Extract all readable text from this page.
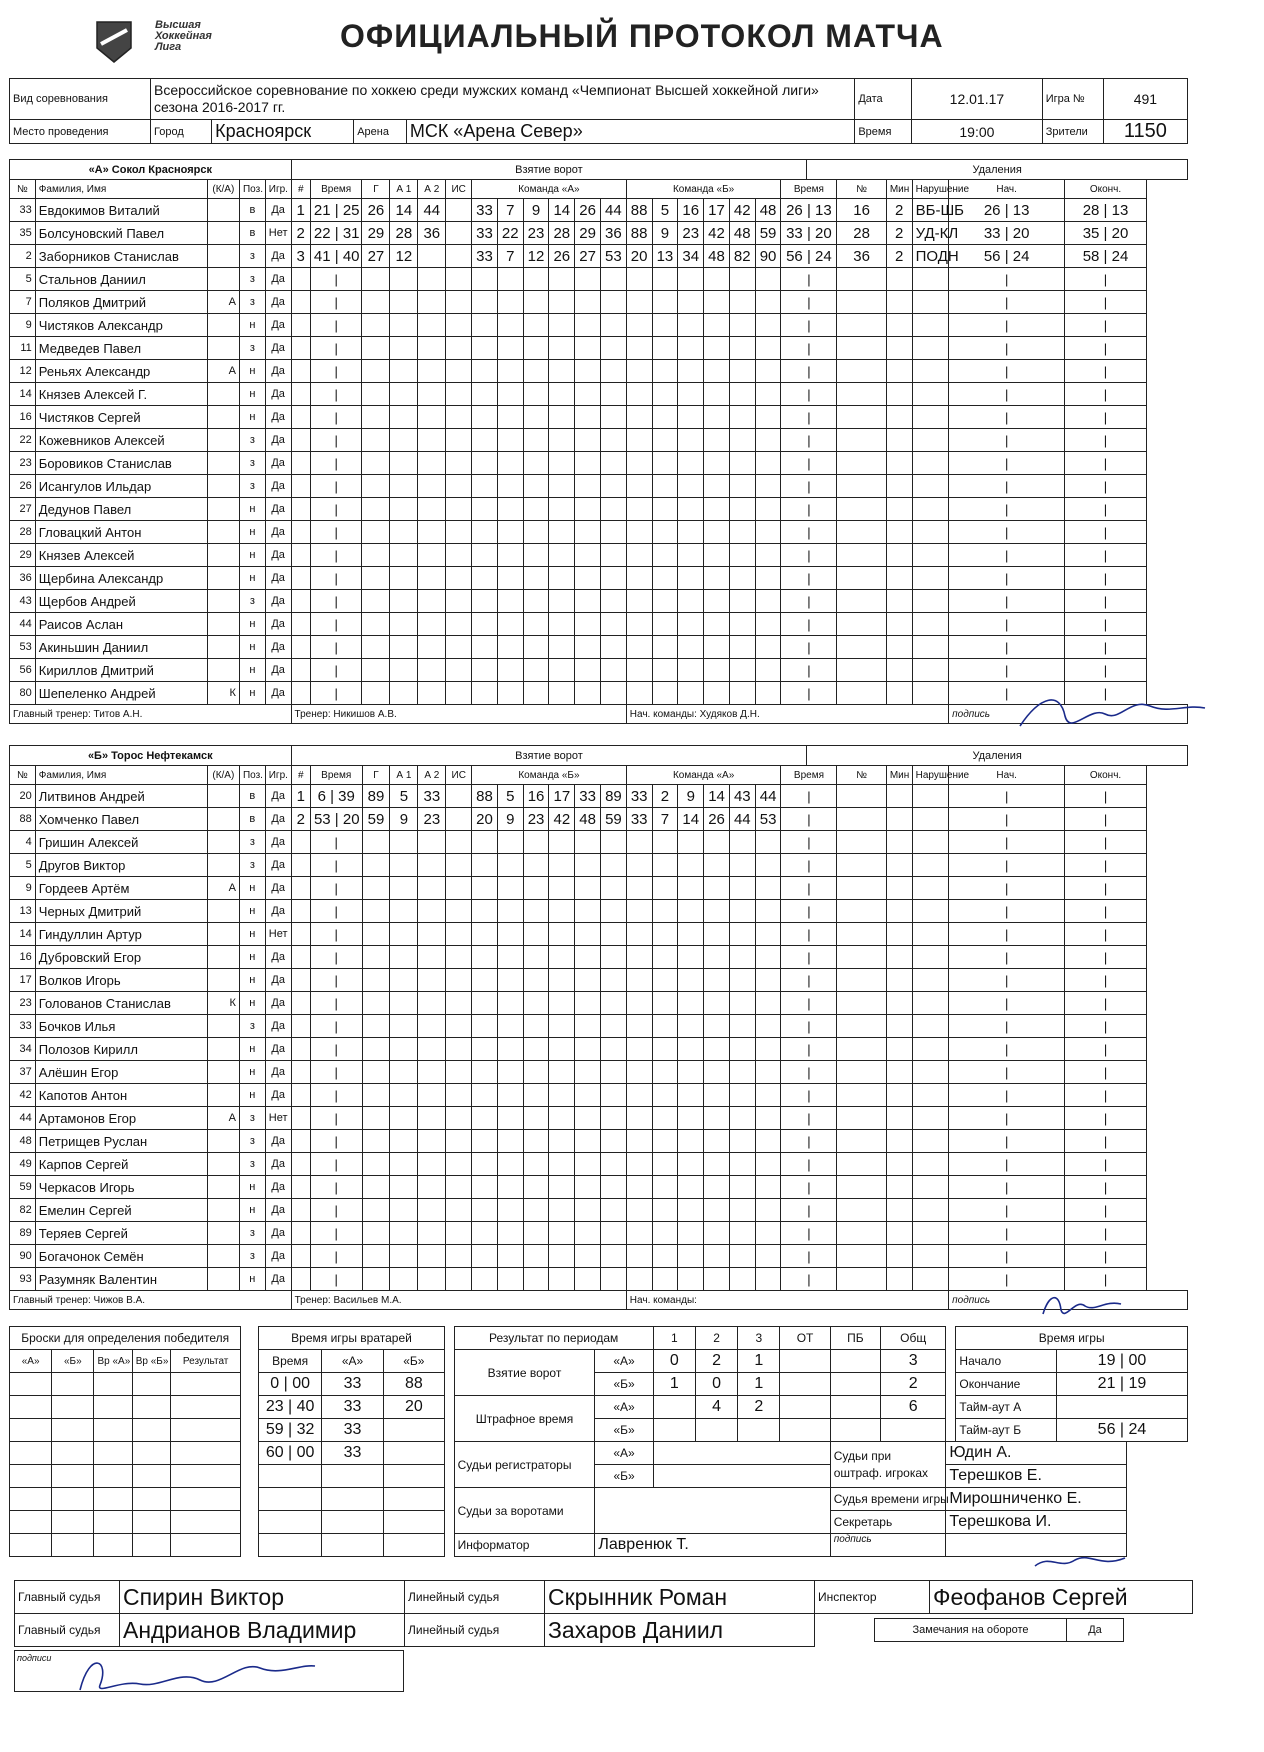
Высшая
Хоккейная
Лига	ОФИЦИАЛЬНЫЙ ПРОТОКОЛ МАТЧА
Вид соревнования	Всероссийское соревнование по хоккею среди мужских команд «Чемпионат Высшей хоккейной лиги» сезона 2016-2017 гг.				Дата	12.01.17	Игра №	491
Место проведения	Город	Красноярск	Арена	МСК «Арена Север»	Время	19:00	Зрители	1150
«А» Сокол Красноярск					Взятие ворот																			Удаления					
№	Фамилия, Имя	(К/А)	Поз.	Игр.	#	Время	Г	А 1	А 2	ИС	Команда «А»						Команда «Б»						Время		№	Мин	Нарушение	Нач.	Оконч.
33	Евдокимов Виталий		в	Да	1	21 | 25	26	14	44		33	7	9	14	26	44	88	5	16	17	42	48	26 | 13		16	2	ВБ-ШБ	26 | 13	28 | 13
35	Болсуновский Павел		в	Нет	2	22 | 31	29	28	36		33	22	23	28	29	36	88	9	23	42	48	59	33 | 20		28	2	УД-КЛ	33 | 20	35 | 20
2	Заборников Станислав		з	Да	3	41 | 40	27	12			33	7	12	26	27	53	20	13	34	48	82	90	56 | 24		36	2	ПОДН	56 | 24	58 | 24
5	Стальнов Даниил		з	Да		|																	|					|	|
7	Поляков Дмитрий	А	з	Да		|																	|					|	|
9	Чистяков Александр		н	Да		|																	|					|	|
11	Медведев Павел		з	Да		|																	|					|	|
12	Реньях Александр	А	н	Да		|																	|					|	|
14	Князев Алексей Г.		н	Да		|																	|					|	|
16	Чистяков Сергей		н	Да		|																	|					|	|
22	Кожевников Алексей		з	Да		|																	|					|	|
23	Боровиков Станислав		з	Да		|																	|					|	|
26	Исангулов Ильдар		з	Да		|																	|					|	|
27	Дедунов Павел		н	Да		|																	|					|	|
28	Гловацкий Антон		н	Да		|																	|					|	|
29	Князев Алексей		н	Да		|																	|					|	|
36	Щербина Александр		н	Да		|																	|					|	|
43	Щербов Андрей		з	Да		|																	|					|	|
44	Раисов Аслан		н	Да		|																	|					|	|
53	Акиньшин Даниил		н	Да		|																	|					|	|
56	Кириллов Дмитрий		н	Да		|																	|					|	|
80	Шепеленко Андрей	К	н	Да		|																	|					|	|
Главный тренер: Титов А.Н.					Тренер: Никишов А.В.												Нач. команды: Худяков Д.Н.											подпись	
«Б» Торос Нефтекамск					Взятие ворот																			Удаления					
№	Фамилия, Имя	(К/А)	Поз.	Игр.	#	Время	Г	А 1	А 2	ИС	Команда «Б»						Команда «А»						Время		№	Мин	Нарушение	Нач.	Оконч.
20	Литвинов Андрей		в	Да	1	6 | 39	89	5	33		88	5	16	17	33	89	33	2	9	14	43	44	|					|	|
88	Хомченко Павел		в	Да	2	53 | 20	59	9	23		20	9	23	42	48	59	33	7	14	26	44	53	|					|	|
4	Гришин Алексей		з	Да		|																	|					|	|
5	Другов Виктор		з	Да		|																	|					|	|
9	Гордеев Артём	А	н	Да		|																	|					|	|
13	Черных Дмитрий		н	Да		|																	|					|	|
14	Гиндуллин Артур		н	Нет		|																	|					|	|
16	Дубровский Егор		н	Да		|																	|					|	|
17	Волков Игорь		н	Да		|																	|					|	|
23	Голованов Станислав	К	н	Да		|																	|					|	|
33	Бочков Илья		з	Да		|																	|					|	|
34	Полозов Кирилл		н	Да		|																	|					|	|
37	Алёшин Егор		н	Да		|																	|					|	|
42	Капотов Антон		н	Да		|																	|					|	|
44	Артамонов Егор	А	з	Нет		|																	|					|	|
48	Петрищев Руслан		з	Да		|																	|					|	|
49	Карпов Сергей		з	Да		|																	|					|	|
59	Черкасов Игорь		н	Да		|																	|					|	|
82	Емелин Сергей		н	Да		|																	|					|	|
89	Теряев Сергей		з	Да		|																	|					|	|
90	Богачонок Семён		з	Да		|																	|					|	|
93	Разумняк Валентин		н	Да		|																	|					|	|
Главный тренер: Чижов В.А.					Тренер: Васильев М.А.												Нач. команды:											подпись	
Броски для определения победителя						Время игры вратарей				Результат по периодам		1	2	3	ОТ	ПБ	Общ		Время игры	
«А»	«Б»	Вр «А»	Вр «Б»	Результат		Время	«А»	«Б»		Взятие ворот	«А»	0	2	1			3		Начало	19 | 00
						0 | 00	33	88			«Б»	1	0	1			2		Окончание	21 | 19
						23 | 40	33	20		Штрафное время	«А»		4	2			6		Тайм-аут А	
						59 | 32	33				«Б»								Тайм-аут Б	56 | 24
						60 | 00	33			Судьи регистраторы	«А»					Судьи при оштраф. игроках		Юдин А.		
											«Б»							Терешков Е.		
										Судьи за воротами						Судья времени игры		Мирошниченко Е.		
																Секретарь		Терешкова И.		
										Информатор	Лавренюк Т.					подпись				
Главный судья	Спирин Виктор	Линейный судья	Скрынник Роман	Инспектор	Феофанов Сергей
Главный судья	Андрианов Владимир	Линейный судья	Захаров Даниил			Замечания на обороте	Да
подписи
